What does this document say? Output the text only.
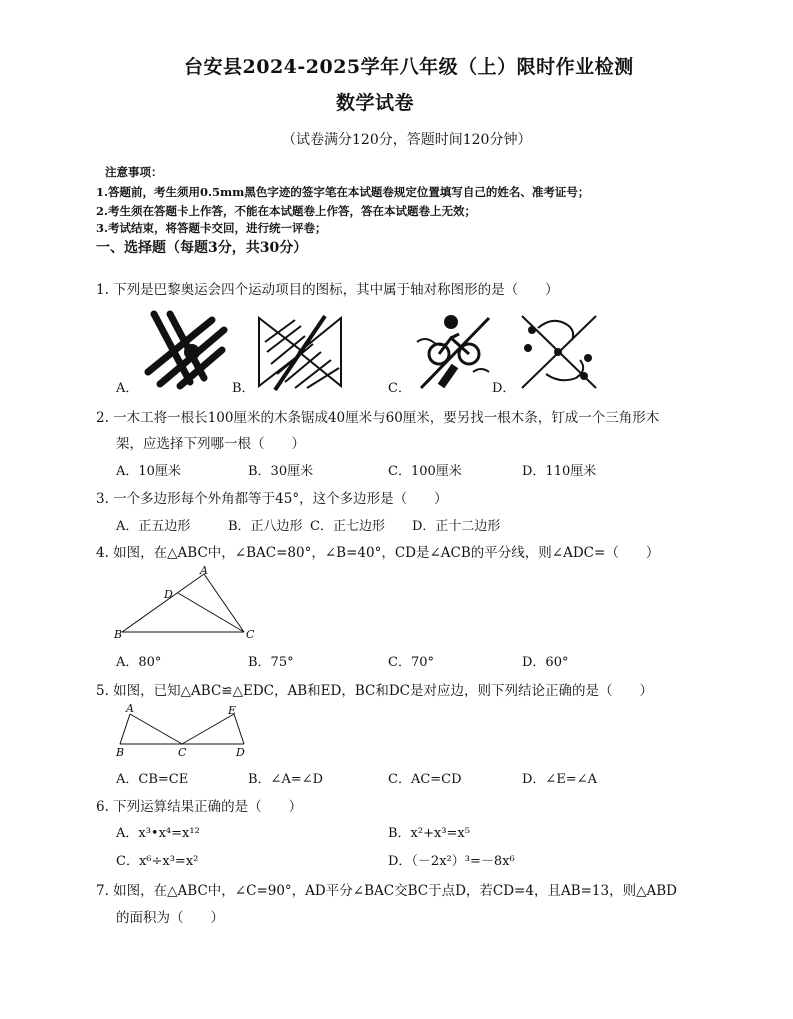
台安县2024-2025学年八年级（上）限时作业检测
数学试卷
（试卷满分120分，答题时间120分钟）
注意事项：
1.答题前，考生须用0.5mm黑色字迹的签字笔在本试题卷规定位置填写自己的姓名、准考证号；
2.考生须在答题卡上作答，不能在本试题卷上作答，答在本试题卷上无效；
3.考试结束，将答题卡交回，进行统一评卷；
一、选择题（每题3分，共30分）
1. 下列是巴黎奥运会四个运动项目的图标，其中属于轴对称图形的是（　　）
A．	B．	C．	D．
2. 一木工将一根长100厘米的木条锯成40厘米与60厘米，要另找一根木条，钉成一个三角形木
架，应选择下列哪一根（　　）
A．10厘米	B．30厘米	C．100厘米	D．110厘米
3. 一个多边形每个外角都等于45°，这个多边形是（　　）
A．正五边形	B．正八边形 C．正七边形 D．正十二边形
4. 如图，在△ABC中，∠BAC=80°，∠B=40°，CD是∠ACB的平分线，则∠ADC=（　　）
A
D
B	C
A．80°	B．75°	C．70°	D．60°
5. 如图，已知△ABC≌△EDC，AB和ED，BC和DC是对应边，则下列结论正确的是（　　）
A	E
B	C	D
A．CB=CE	B．∠A=∠D	C．AC=CD	D．∠E=∠A
6. 下列运算结果正确的是（　　）
A．x³•x⁴=x¹²	B．x²+x³=x⁵
C．x⁶÷x³=x²	D．（－2x²）³=－8x⁶
7. 如图，在△ABC中，∠C=90°，AD平分∠BAC交BC于点D，若CD=4，且AB=13，则△ABD
的面积为（　　）
